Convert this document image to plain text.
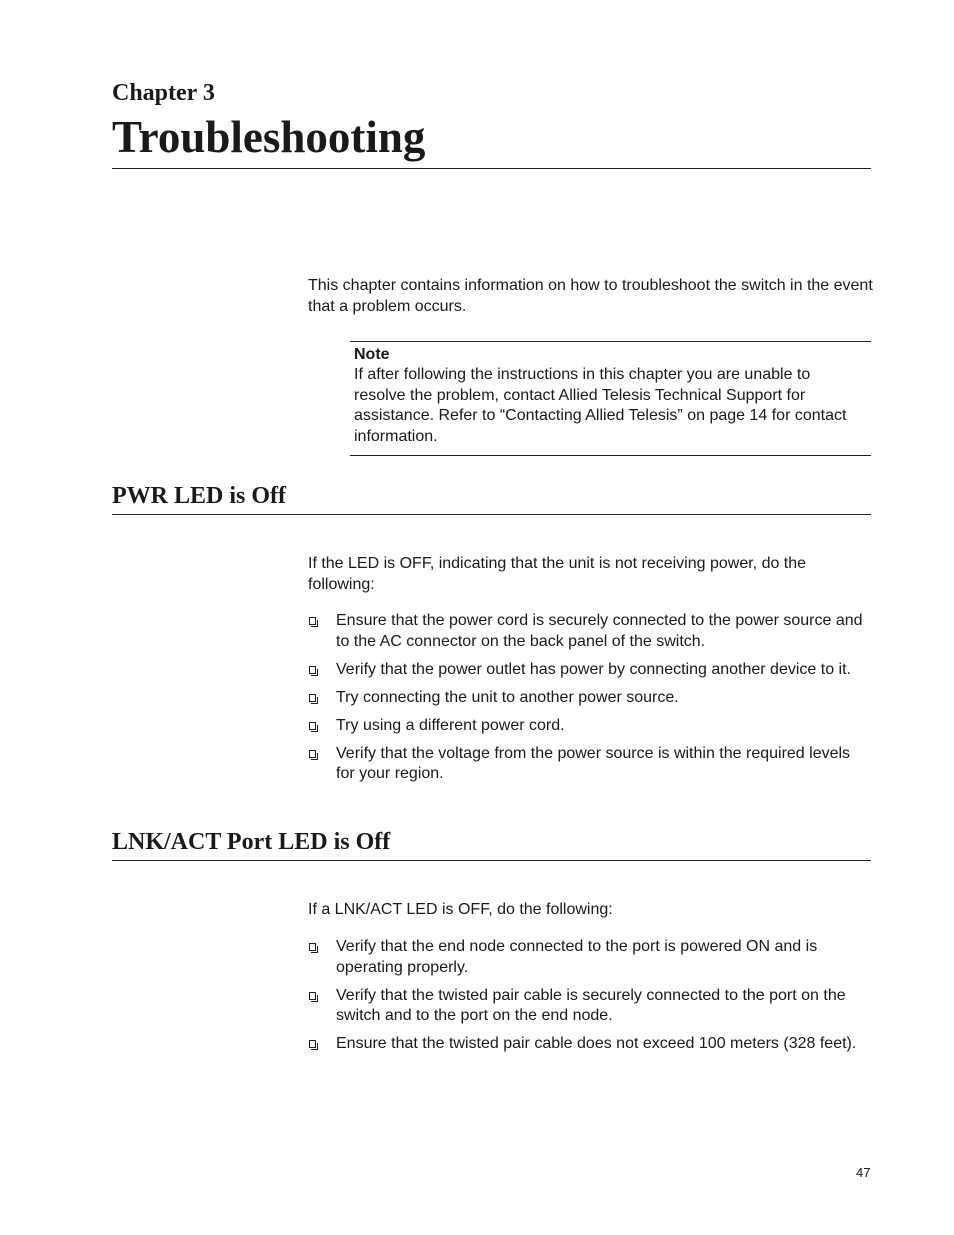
Chapter 3
Troubleshooting
This chapter contains information on how to troubleshoot the switch in the event that a problem occurs.
Note
If after following the instructions in this chapter you are unable to resolve the problem, contact Allied Telesis Technical Support for assistance. Refer to “Contacting Allied Telesis” on page 14 for contact information.
PWR LED is Off
If the LED is OFF, indicating that the unit is not receiving power, do the following:
Ensure that the power cord is securely connected to the power source and to the AC connector on the back panel of the switch.
Verify that the power outlet has power by connecting another device to it.
Try connecting the unit to another power source.
Try using a different power cord.
Verify that the voltage from the power source is within the required levels for your region.
LNK/ACT Port LED is Off
If a LNK/ACT LED is OFF, do the following:
Verify that the end node connected to the port is powered ON and is operating properly.
Verify that the twisted pair cable is securely connected to the port on the switch and to the port on the end node.
Ensure that the twisted pair cable does not exceed 100 meters (328 feet).
47
